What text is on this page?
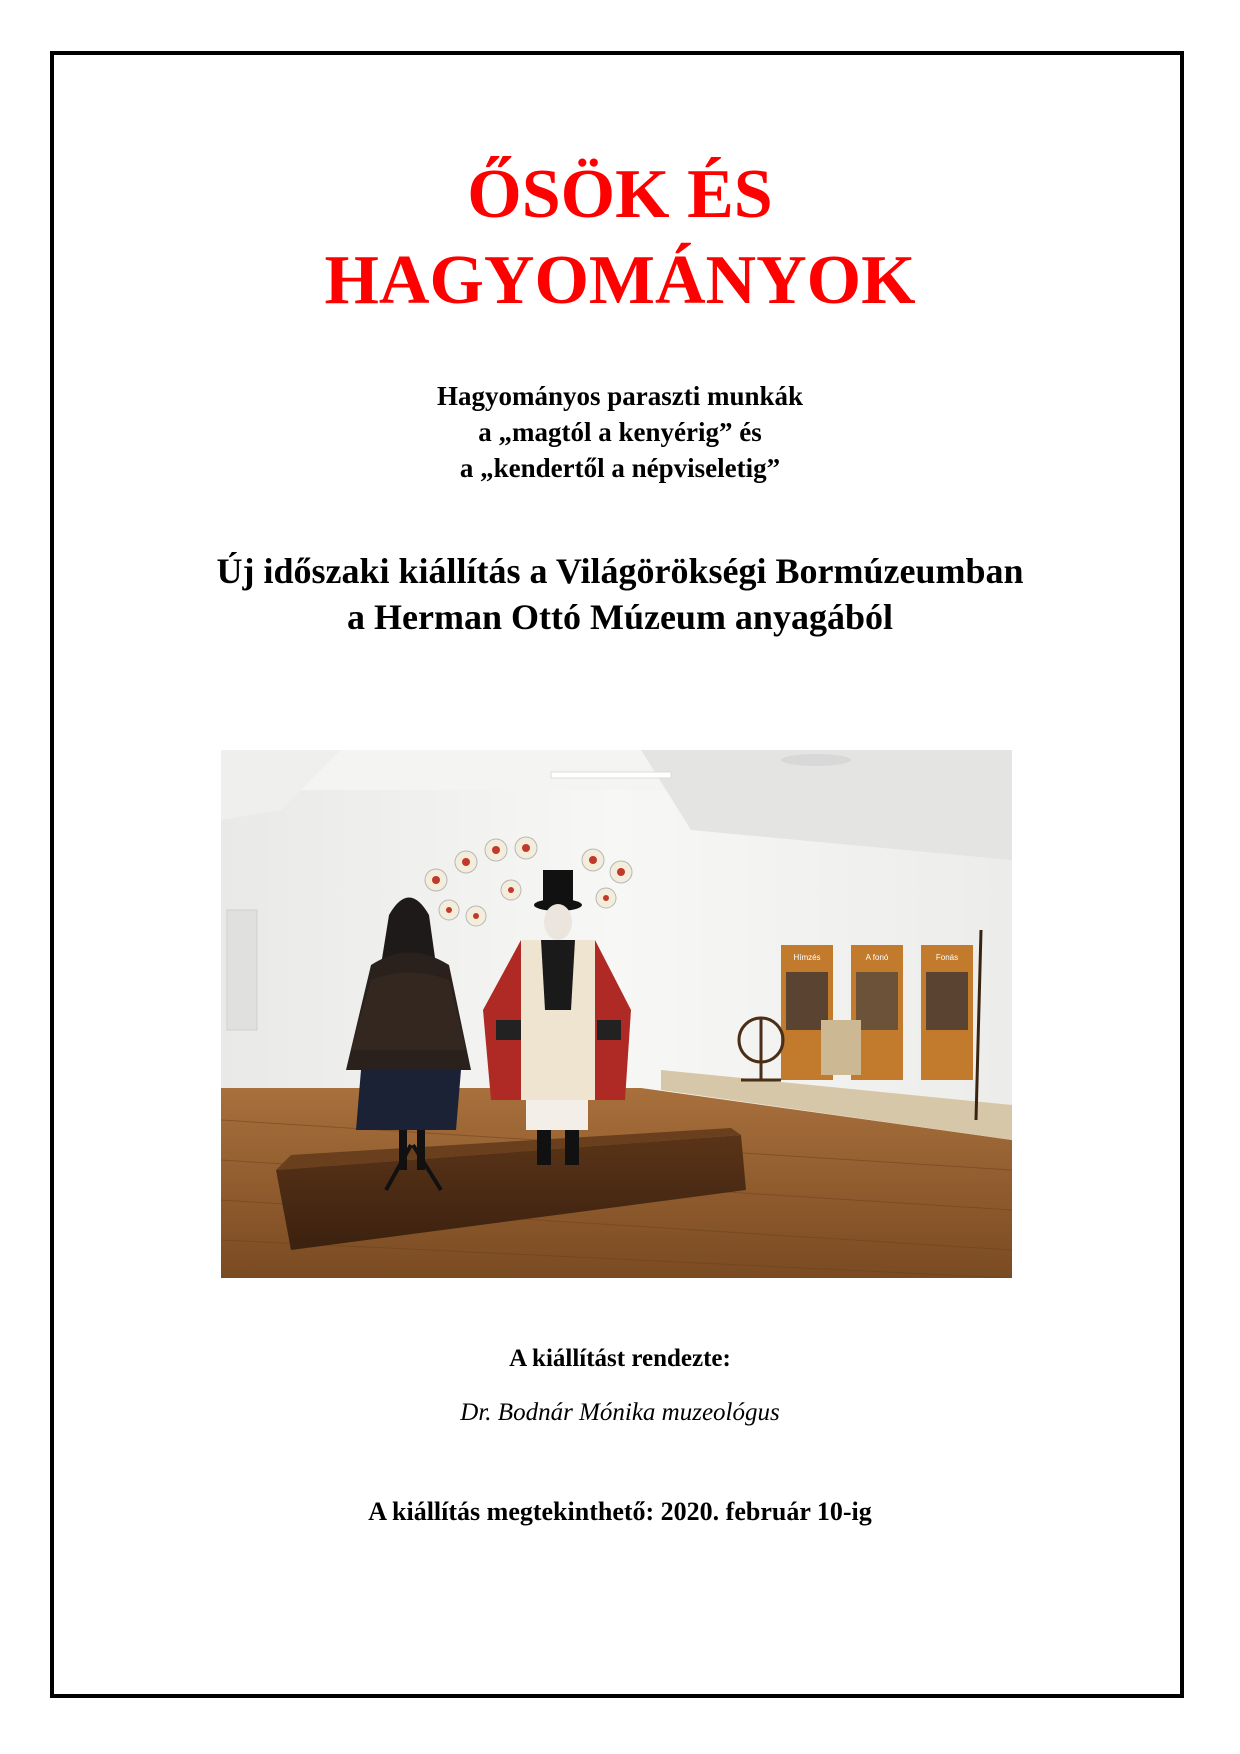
ŐSÖK ÉS
HAGYOMÁNYOK
Hagyományos paraszti munkák
a „magtól a kenyérig” és
a „kendertől a népviseletig”
Új időszaki kiállítás a Világörökségi Bormúzeumban
a Herman Ottó Múzeum anyagából
Hímzés	A fonó	Fonás
A kiállítást rendezte:
Dr. Bodnár Mónika muzeológus
A kiállítás megtekinthető: 2020. február 10-ig
